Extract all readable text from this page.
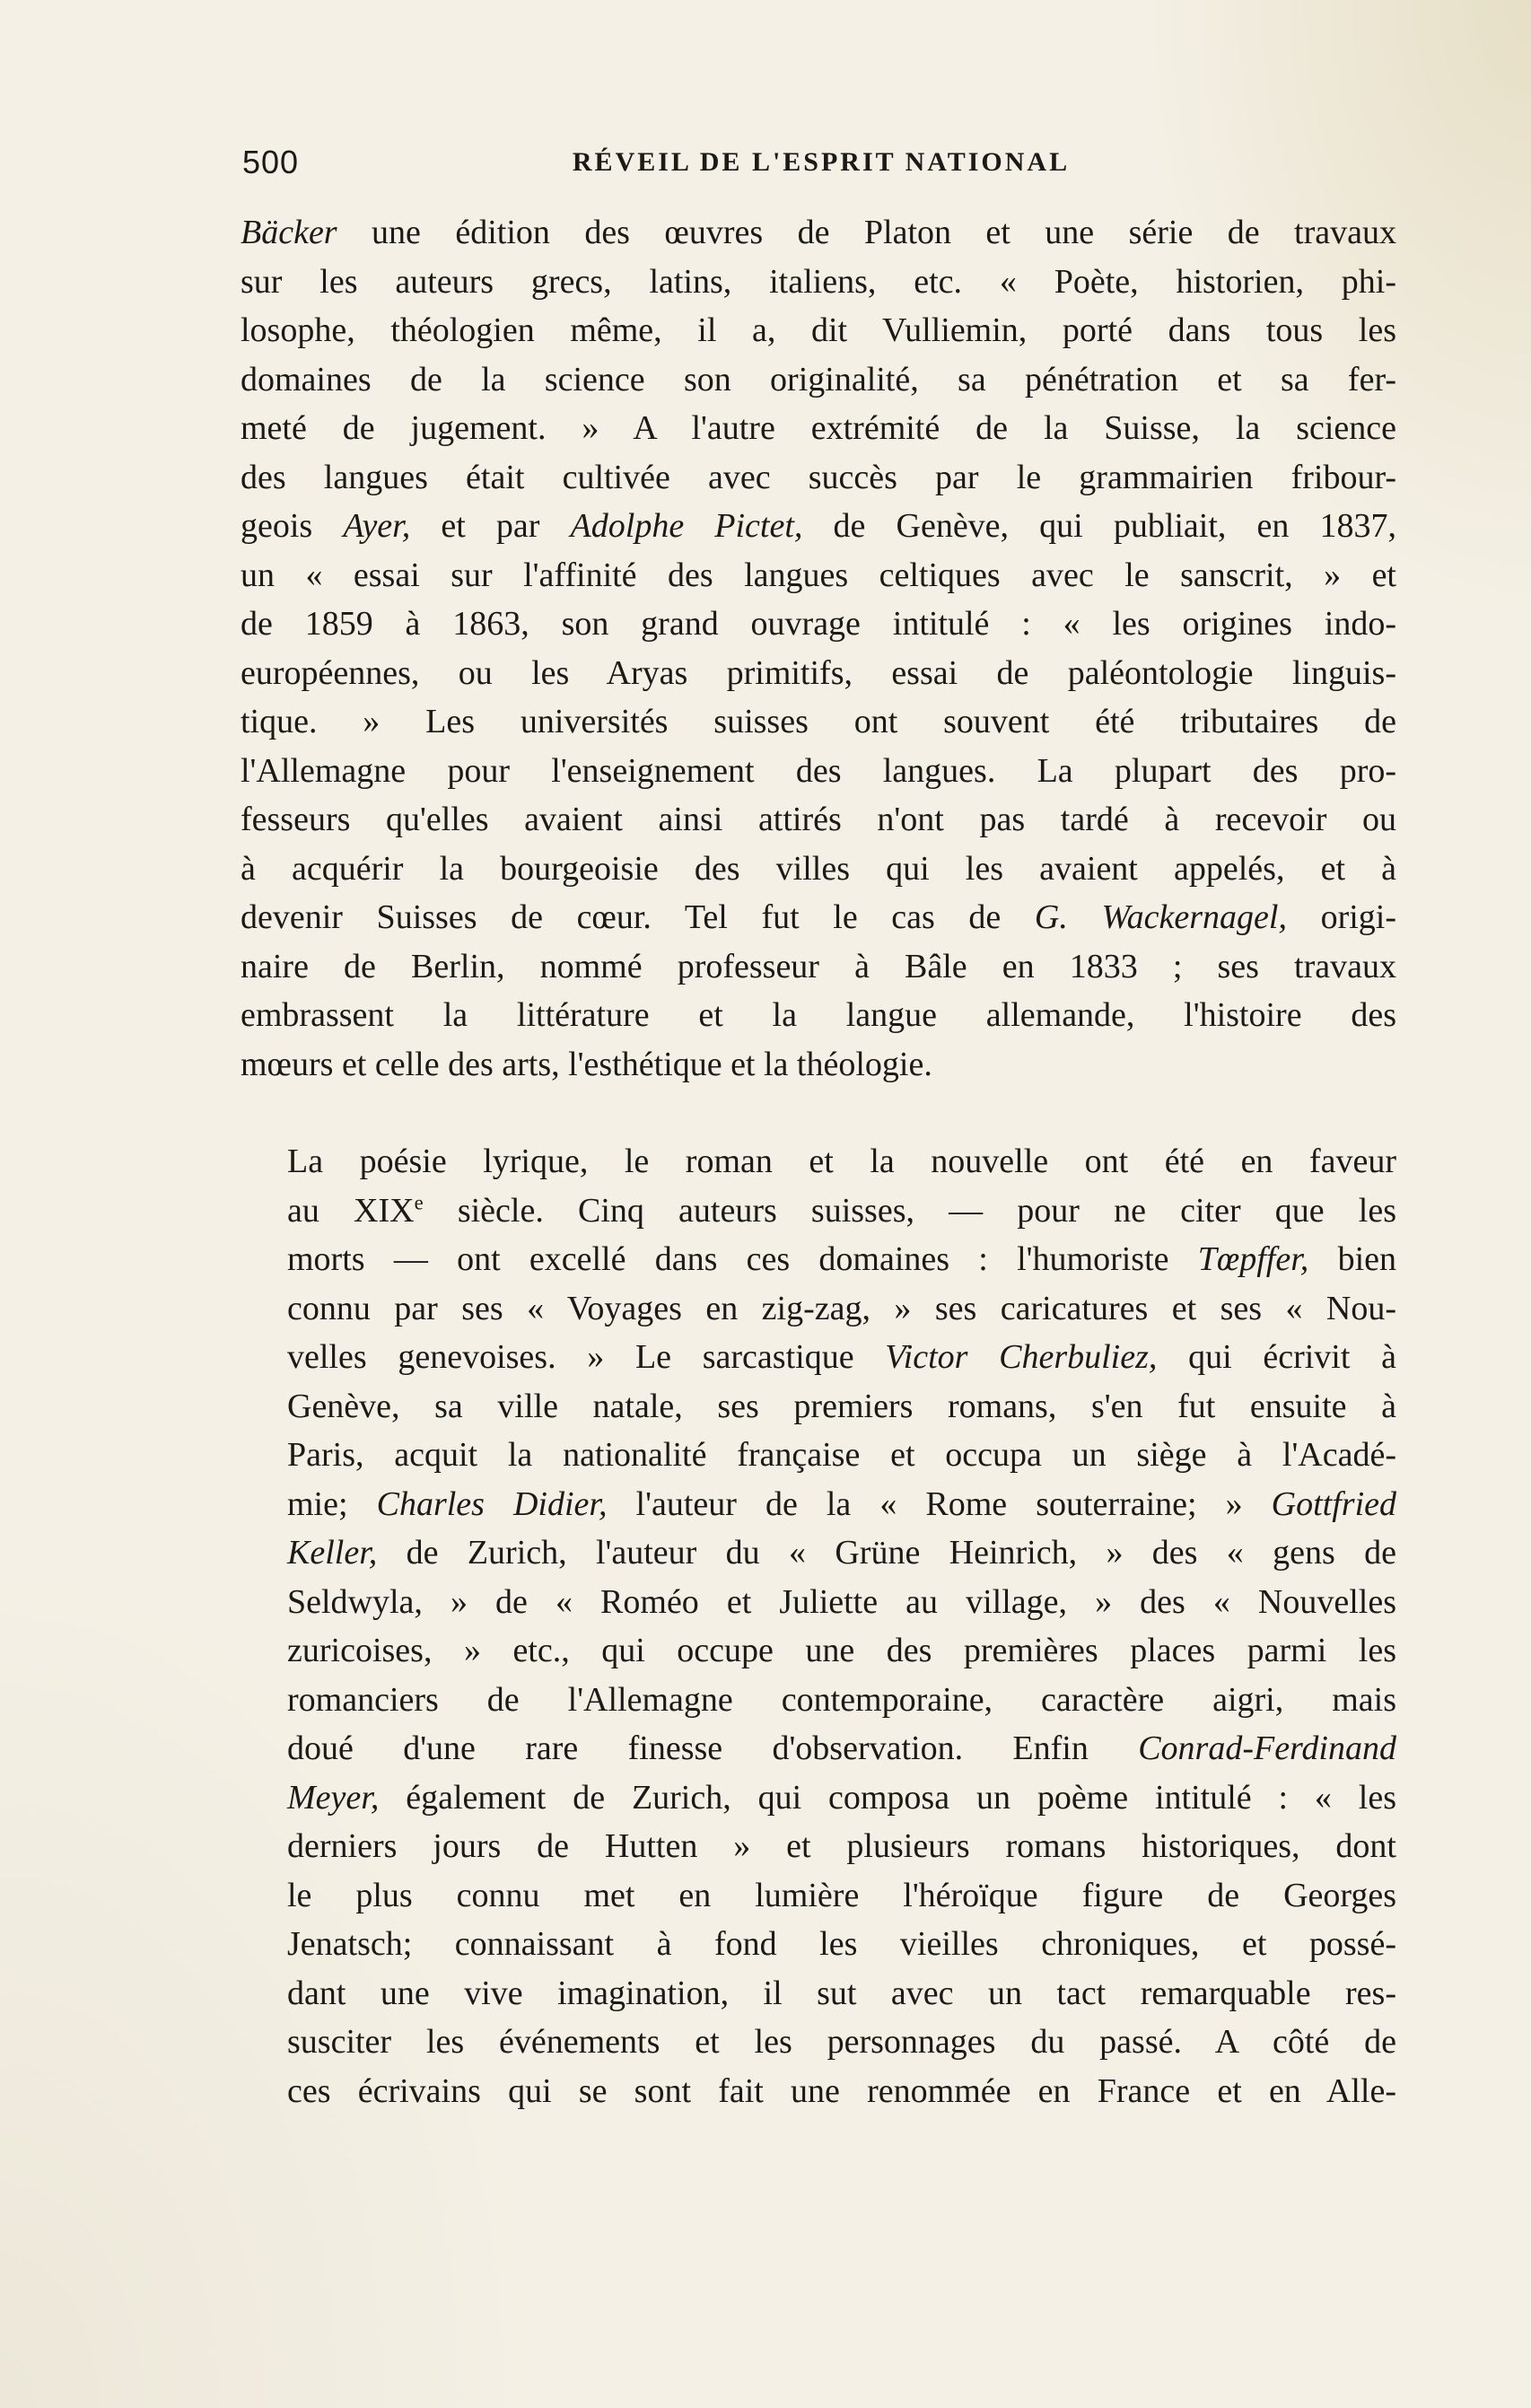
500	RÉVEIL DE L'ESPRIT NATIONAL

Bäcker une édition des œuvres de Platon et une série de travaux
sur les auteurs grecs, latins, italiens, etc. « Poète, historien, phi-
losophe, théologien même, il a, dit Vulliemin, porté dans tous les
domaines de la science son originalité, sa pénétration et sa fer-
meté de jugement. » A l'autre extrémité de la Suisse, la science
des langues était cultivée avec succès par le grammairien fribour-
geois Ayer, et par Adolphe Pictet, de Genève, qui publiait, en 1837,
un « essai sur l'affinité des langues celtiques avec le sanscrit, » et
de 1859 à 1863, son grand ouvrage intitulé : « les origines indo-
européennes, ou les Aryas primitifs, essai de paléontologie linguis-
tique. » Les universités suisses ont souvent été tributaires de
l'Allemagne pour l'enseignement des langues. La plupart des pro-
fesseurs qu'elles avaient ainsi attirés n'ont pas tardé à recevoir ou
à acquérir la bourgeoisie des villes qui les avaient appelés, et à
devenir Suisses de cœur. Tel fut le cas de G. Wackernagel, origi-
naire de Berlin, nommé professeur à Bâle en 1833 ; ses travaux
embrassent la littérature et la langue allemande, l'histoire des
mœurs et celle des arts, l'esthétique et la théologie.

La poésie lyrique, le roman et la nouvelle ont été en faveur
au XIXe siècle. Cinq auteurs suisses, — pour ne citer que les
morts — ont excellé dans ces domaines : l'humoriste Tœpffer, bien
connu par ses « Voyages en zig-zag, » ses caricatures et ses « Nou-
velles genevoises. » Le sarcastique Victor Cherbuliez, qui écrivit à
Genève, sa ville natale, ses premiers romans, s'en fut ensuite à
Paris, acquit la nationalité française et occupa un siège à l'Acadé-
mie; Charles Didier, l'auteur de la « Rome souterraine; » Gottfried
Keller, de Zurich, l'auteur du « Grüne Heinrich, » des « gens de
Seldwyla, » de « Roméo et Juliette au village, » des « Nouvelles
zuricoises, » etc., qui occupe une des premières places parmi les
romanciers de l'Allemagne contemporaine, caractère aigri, mais
doué d'une rare finesse d'observation. Enfin Conrad-Ferdinand
Meyer, également de Zurich, qui composa un poème intitulé : « les
derniers jours de Hutten » et plusieurs romans historiques, dont
le plus connu met en lumière l'héroïque figure de Georges
Jenatsch; connaissant à fond les vieilles chroniques, et possé-
dant une vive imagination, il sut avec un tact remarquable res-
susciter les événements et les personnages du passé. A côté de
ces écrivains qui se sont fait une renommée en France et en Alle-
